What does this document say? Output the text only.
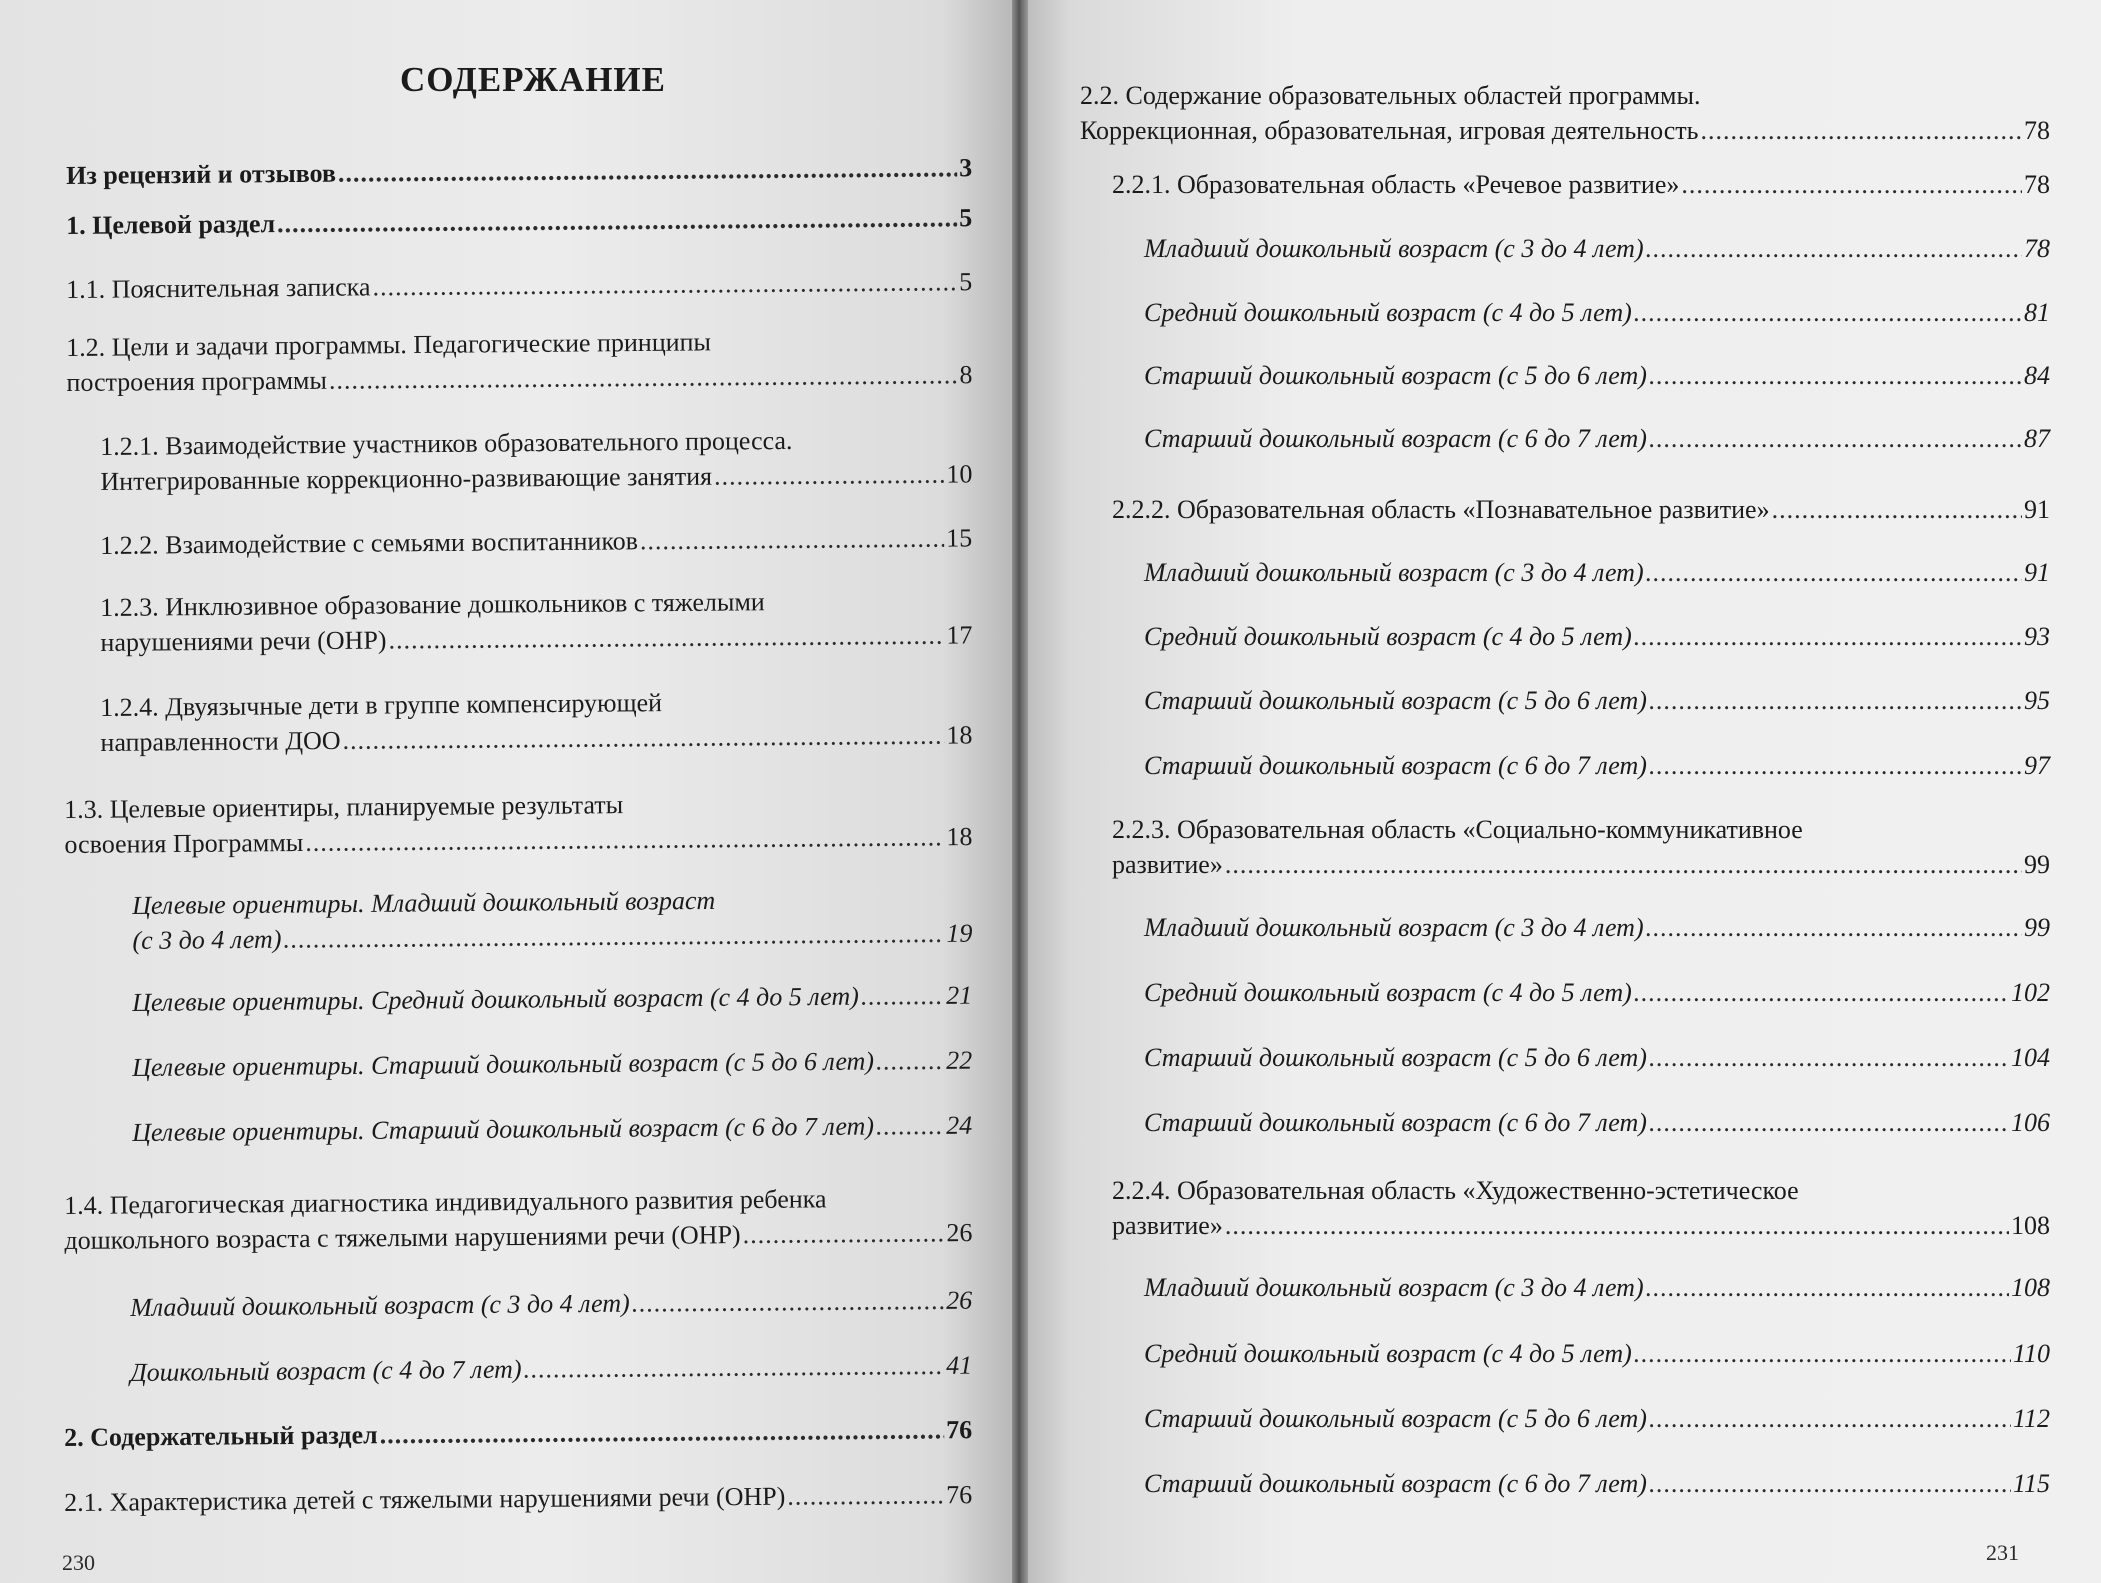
СОДЕРЖАНИЕ
Из рецензий и отзывов .....	3
1. Целевой раздел .....	5
1.1. Пояснительная записка .....	5
1.2. Цели и задачи программы. Педагогические принципы
построения программы .....	8
1.2.1. Взаимодействие участников образовательного процесса.
Интегрированные коррекционно-развивающие занятия .....	10
1.2.2. Взаимодействие с семьями воспитанников .....	15
1.2.3. Инклюзивное образование дошкольников с тяжелыми
нарушениями речи (ОНР) .....	17
1.2.4. Двуязычные дети в группе компенсирующей
направленности ДОО .....	18
1.3. Целевые ориентиры, планируемые результаты
освоения Программы .....	18
Целевые ориентиры. Младший дошкольный возраст
(с 3 до 4 лет) .....	19
Целевые ориентиры. Средний дошкольный возраст (с 4 до 5 лет) .....	21
Целевые ориентиры. Старший дошкольный возраст (с 5 до 6 лет) .....	22
Целевые ориентиры. Старший дошкольный возраст (с 6 до 7 лет) .....	24
1.4. Педагогическая диагностика индивидуального развития ребенка
дошкольного возраста с тяжелыми нарушениями речи (ОНР) .....	26
Младший дошкольный возраст (с 3 до 4 лет) .....	26
Дошкольный возраст (с 4 до 7 лет) .....	41
2. Содержательный раздел .....	76
2.1. Характеристика детей с тяжелыми нарушениями речи (ОНР) .....	76
230
2.2. Содержание образовательных областей программы.
Коррекционная, образовательная, игровая деятельность .....	78
2.2.1. Образовательная область «Речевое развитие» .....	78
Младший дошкольный возраст (с 3 до 4 лет) .....	78
Средний дошкольный возраст (с 4 до 5 лет) .....	81
Старший дошкольный возраст (с 5 до 6 лет) .....	84
Старший дошкольный возраст (с 6 до 7 лет) .....	87
2.2.2. Образовательная область «Познавательное развитие» .....	91
Младший дошкольный возраст (с 3 до 4 лет) .....	91
Средний дошкольный возраст (с 4 до 5 лет) .....	93
Старший дошкольный возраст (с 5 до 6 лет) .....	95
Старший дошкольный возраст (с 6 до 7 лет) .....	97
2.2.3. Образовательная область «Социально-коммуникативное
развитие» .....	99
Младший дошкольный возраст (с 3 до 4 лет) .....	99
Средний дошкольный возраст (с 4 до 5 лет) .....	102
Старший дошкольный возраст (с 5 до 6 лет) .....	104
Старший дошкольный возраст (с 6 до 7 лет) .....	106
2.2.4. Образовательная область «Художественно-эстетическое
развитие» .....	108
Младший дошкольный возраст (с 3 до 4 лет) .....	108
Средний дошкольный возраст (с 4 до 5 лет) .....	110
Старший дошкольный возраст (с 5 до 6 лет) .....	112
Старший дошкольный возраст (с 6 до 7 лет) .....	115
231
